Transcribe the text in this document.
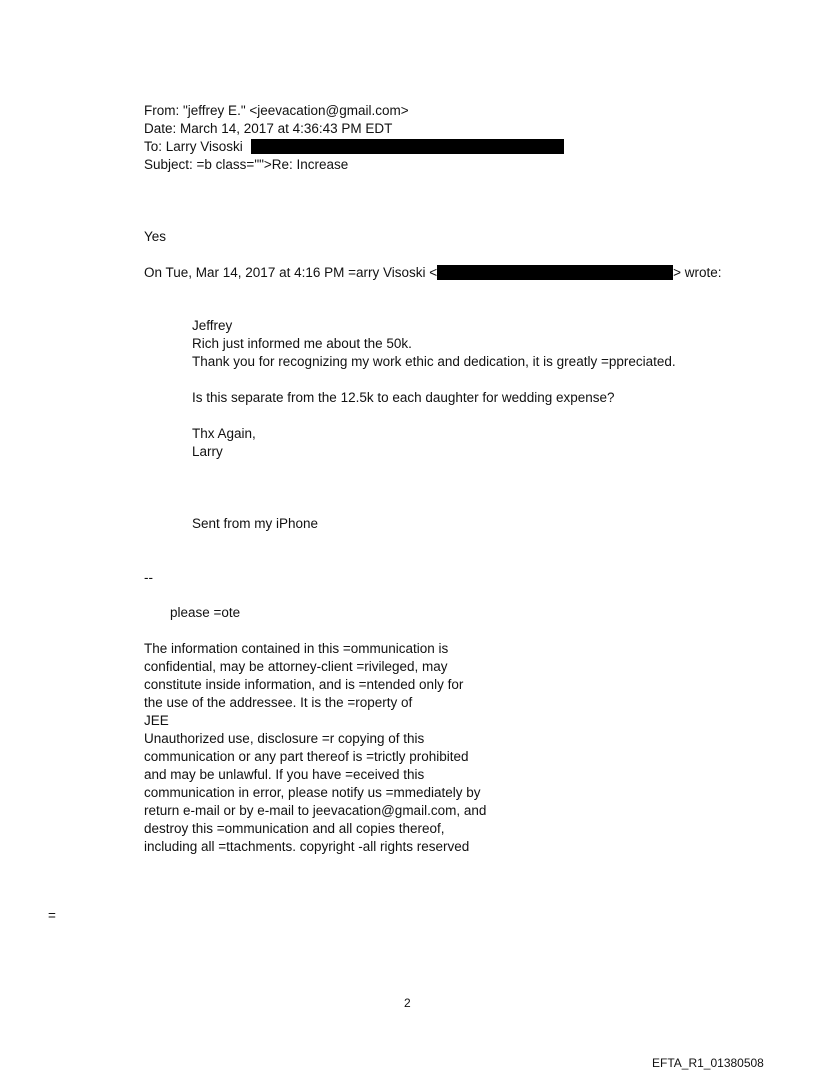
From: "jeffrey E." <jeevacation@gmail.com>
Date: March 14, 2017 at 4:36:43 PM EDT
To: Larry Visoski
Subject: =b class="">Re: Increase
Yes
On Tue, Mar 14, 2017 at 4:16 PM =arry Visoski <	> wrote:
Jeffrey
Rich just informed me about the 50k.
Thank you for recognizing my work ethic and dedication, it is greatly =ppreciated.
Is this separate from the 12.5k to each daughter for wedding expense?
Thx Again,
Larry
Sent from my iPhone
--
please =ote
The information contained in this =ommunication is
confidential, may be attorney-client =rivileged, may
constitute inside information, and is =ntended only for
the use of the addressee. It is the =roperty of
JEE
Unauthorized use, disclosure =r copying of this
communication or any part thereof is =trictly prohibited
and may be unlawful. If you have =eceived this
communication in error, please notify us =mmediately by
return e-mail or by e-mail to jeevacation@gmail.com, and
destroy this =ommunication and all copies thereof,
including all =ttachments. copyright -all rights reserved
=
2
EFTA_R1_01380508
